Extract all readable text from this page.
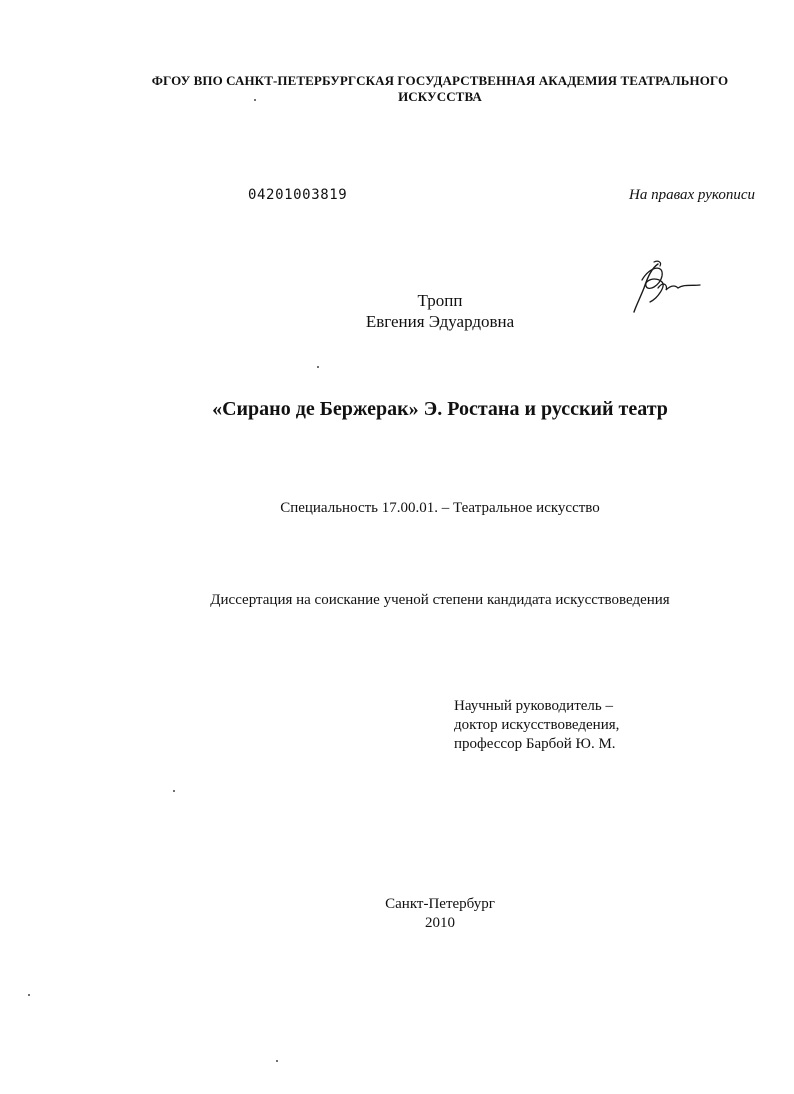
ФГОУ ВПО САНКТ-ПЕТЕРБУРГСКАЯ ГОСУДАРСТВЕННАЯ АКАДЕМИЯ ТЕАТРАЛЬНОГО
ИСКУССТВА
04201003819	На правах рукописи
Тропп
Евгения Эдуардовна
«Сирано де Бержерак» Э. Ростана и русский театр
Специальность 17.00.01. – Театральное искусство
Диссертация на соискание ученой степени кандидата искусствоведения
Научный руководитель –
доктор искусствоведения,
профессор Барбой Ю. М.
Санкт-Петербург
2010
